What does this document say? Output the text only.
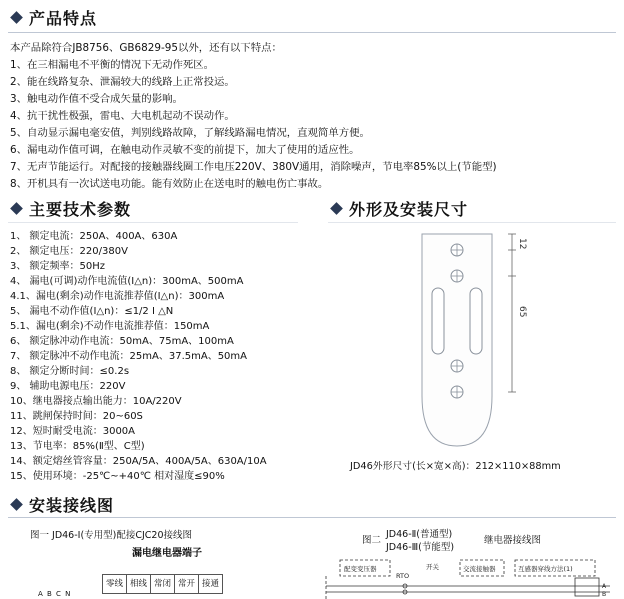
产品特点
本产品除符合JB8756、GB6829-95以外，还有以下特点：
1、在三相漏电不平衡的情况下无动作死区。
2、能在线路复杂、泄漏较大的线路上正常投运。
3、触电动作值不受合成矢量的影响。
4、抗干扰性极强，雷电、大电机起动不误动作。
5、自动显示漏电毫安值，判别线路故障，了解线路漏电情况，直观简单方便。
6、漏电动作值可调，在触电动作灵敏不变的前提下，加大了使用的适应性。
7、无声节能运行。对配接的接触器线圈工作电压220V、380V通用，消除噪声，节电率85%以上(节能型)
8、开机具有一次试送电功能。能有效防止在送电时的触电伤亡事故。
主要技术参数
1、 额定电流：250A、400A、630A
2、 额定电压：220/380V
3、 额定频率：50Hz
4、 漏电(可调)动作电流值(I△n)：300mA、500mA
4.1、漏电(剩余)动作电流推荐值(I△n)：300mA
5、 漏电不动作值(I△n)：≤1/2 I △N
5.1、漏电(剩余)不动作电流推荐值：150mA
6、 额定脉冲动作电流：50mA、75mA、100mA
7、 额定脉冲不动作电流：25mA、37.5mA、50mA
8、 额定分断时间：≤0.2s
9、 辅助电源电压：220V
10、继电器接点输出能力：10A/220V
11、跳闸保持时间：20~60S
12、短时耐受电流：3000A
13、节电率：85%(Ⅱ型、C型)
14、额定熔丝管容量：250A/5A、400A/5A、630A/10A
15、使用环境：-25℃~+40℃ 相对湿度≤90%
外形及安装尺寸
12
65
JD46外形尺寸(长×宽×高)：212×110×88mm
安装接线图
图一 JD46-Ⅰ(专用型)配接CJC20接线图
漏电继电器端子
零线 相线 常闭 常开 接通
A B C N
图二
JD46-Ⅱ(普通型)
JD46-Ⅲ(节能型)
继电器接线图
配变变压器
RTO
开关	交流接触器	互感器穿线方法(1)
A
B
